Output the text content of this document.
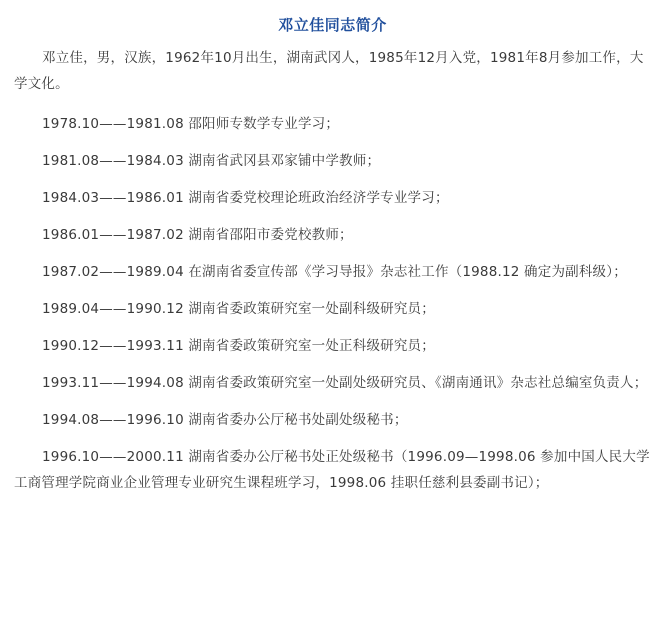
邓立佳同志简介

邓立佳，男，汉族，1962年10月出生，湖南武冈人，1985年12月入党，1981年8月参加工作，大学文化。

1978.10——1981.08 邵阳师专数学专业学习；

1981.08——1984.03 湖南省武冈县邓家铺中学教师；

1984.03——1986.01 湖南省委党校理论班政治经济学专业学习；

1986.01——1987.02 湖南省邵阳市委党校教师；

1987.02——1989.04 在湖南省委宣传部《学习导报》杂志社工作（1988.12 确定为副科级）；

1989.04——1990.12 湖南省委政策研究室一处副科级研究员；

1990.12——1993.11 湖南省委政策研究室一处正科级研究员；

1993.11——1994.08 湖南省委政策研究室一处副处级研究员、《湖南通讯》杂志社总编室负责人；

1994.08——1996.10 湖南省委办公厅秘书处副处级秘书；

1996.10——2000.11 湖南省委办公厅秘书处正处级秘书（1996.09—1998.06 参加中国人民大学工商管理学院商业企业管理专业研究生课程班学习，1998.06 挂职任慈利县委副书记）；
